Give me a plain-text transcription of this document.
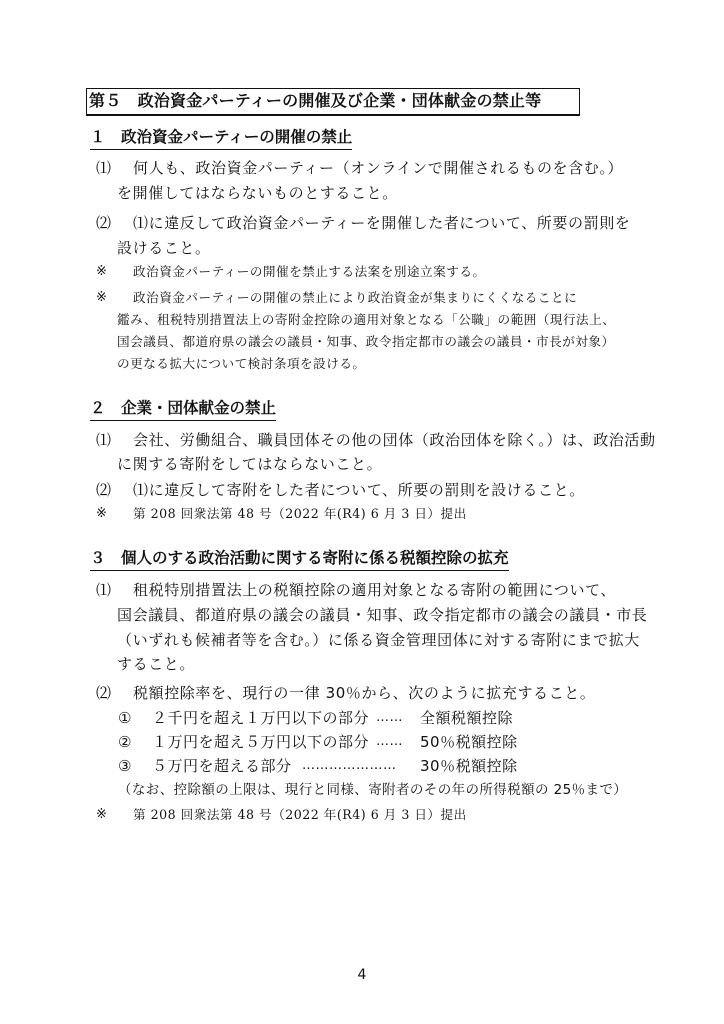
第５　政治資金パーティーの開催及び企業・団体献金の禁止等
１　政治資金パーティーの開催の禁止
⑴ 何人も、政治資金パーティー（オンラインで開催されるものを含む。）
を開催してはならないものとすること。
⑵ ⑴に違反して政治資金パーティーを開催した者について、所要の罰則を
設けること。
※ 政治資金パーティーの開催を禁止する法案を別途立案する。
※ 政治資金パーティーの開催の禁止により政治資金が集まりにくくなることに
鑑み、租税特別措置法上の寄附金控除の適用対象となる「公職」の範囲（現行法上、
国会議員、都道府県の議会の議員・知事、政令指定都市の議会の議員・市長が対象）
の更なる拡大について検討条項を設ける。
２　企業・団体献金の禁止
⑴ 会社、労働組合、職員団体その他の団体（政治団体を除く。）は、政治活動
に関する寄附をしてはならないこと。
⑵ ⑴に違反して寄附をした者について、所要の罰則を設けること。
※ 第 208 回衆法第 48 号（2022 年(R4) 6 月 3 日）提出
３　個人のする政治活動に関する寄附に係る税額控除の拡充
⑴ 租税特別措置法上の税額控除の適用対象となる寄附の範囲について、
国会議員、都道府県の議会の議員・知事、政令指定都市の議会の議員・市長
（いずれも候補者等を含む。）に係る資金管理団体に対する寄附にまで拡大
すること。
⑵ 税額控除率を、現行の一律 30％から、次のように拡充すること。
① ２千円を超え１万円以下の部分 …… 全額税額控除
② １万円を超え５万円以下の部分 …… 50％税額控除
③ ５万円を超える部分 ………………… 30％税額控除
（なお、控除額の上限は、現行と同様、寄附者のその年の所得税額の 25％まで）
※ 第 208 回衆法第 48 号（2022 年(R4) 6 月 3 日）提出
4
